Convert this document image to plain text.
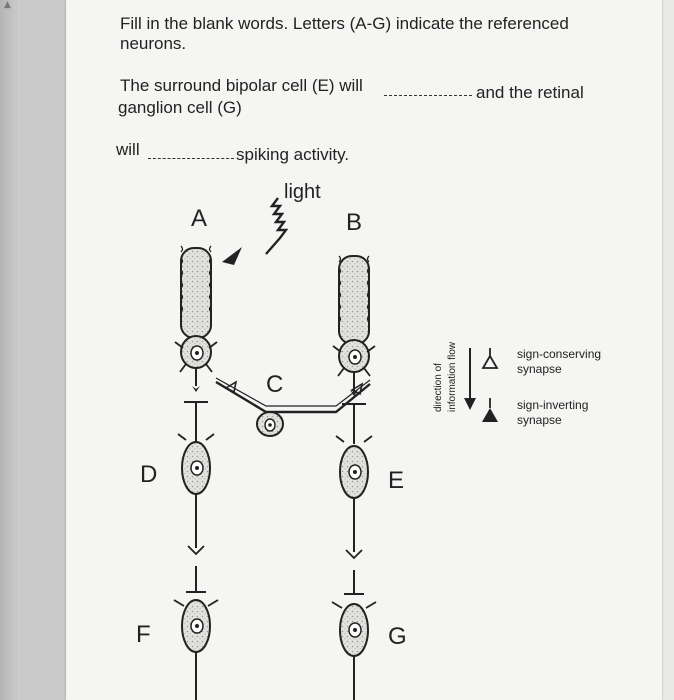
▲
Fill in the blank words. Letters (A-G) indicate the referenced
neurons.
The surround bipolar cell (E) will	and the retinal
ganglion cell (G)
will	spiking activity.
light
A	B
C
D	E
F	G
direction of information flow	sign-conserving
synapse
sign-inverting
synapse
